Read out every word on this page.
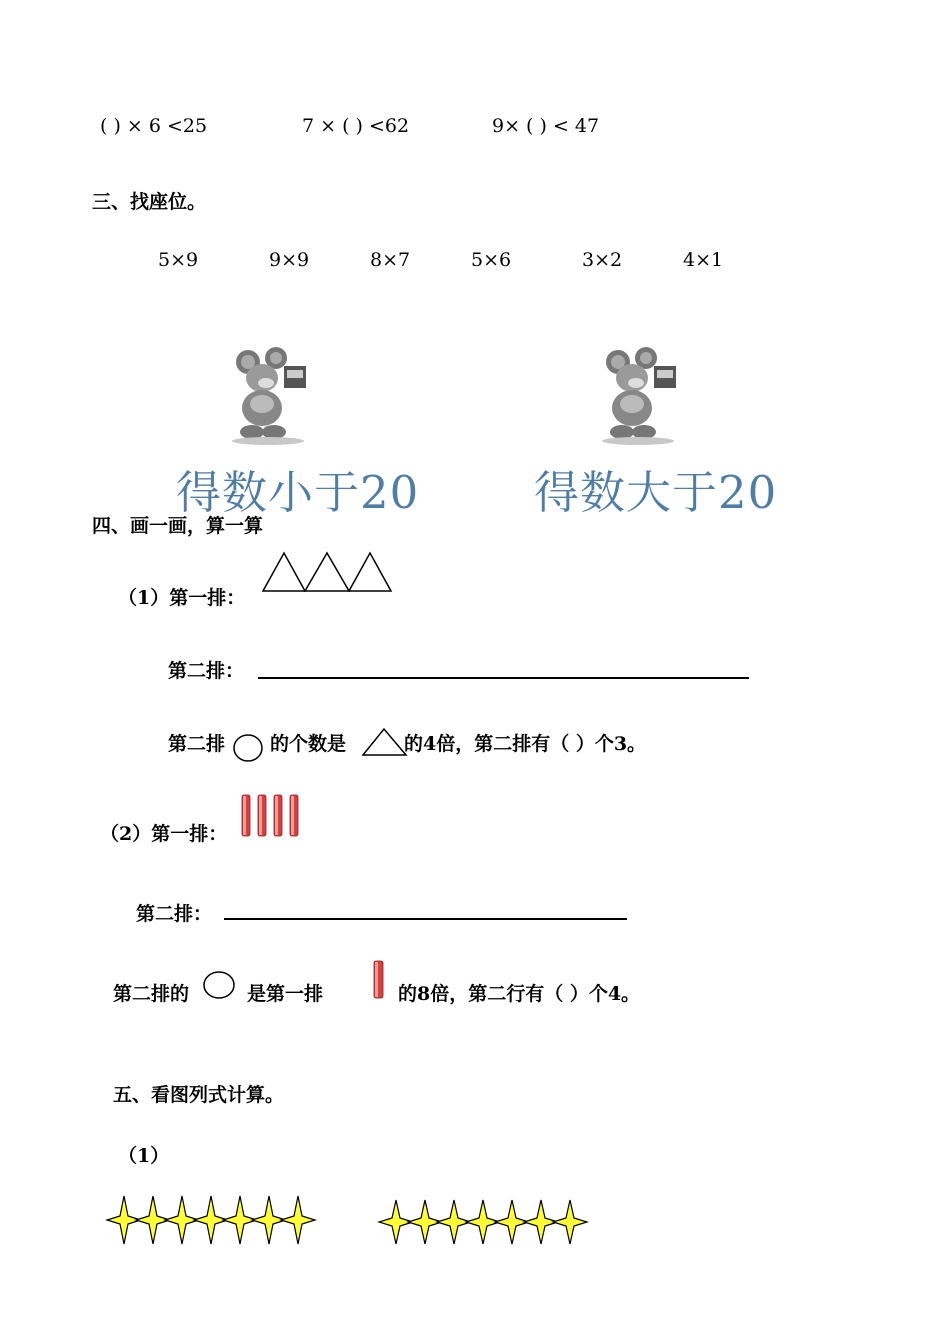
( ) × 6 <25	7 × ( ) <62	9× ( ) < 47
三、找座位。
5×9	9×9	8×7	5×6	3×2	4×1
得数小于20	得数大于20
四、画一画，算一算
（1）第一排：
第二排：
第二排 的个数是	的4倍，第二排有（ ）个3。
（2）第一排：
第二排：
第二排的	是第一排	的8倍，第二行有（ ）个4。
五、看图列式计算。
（1）
